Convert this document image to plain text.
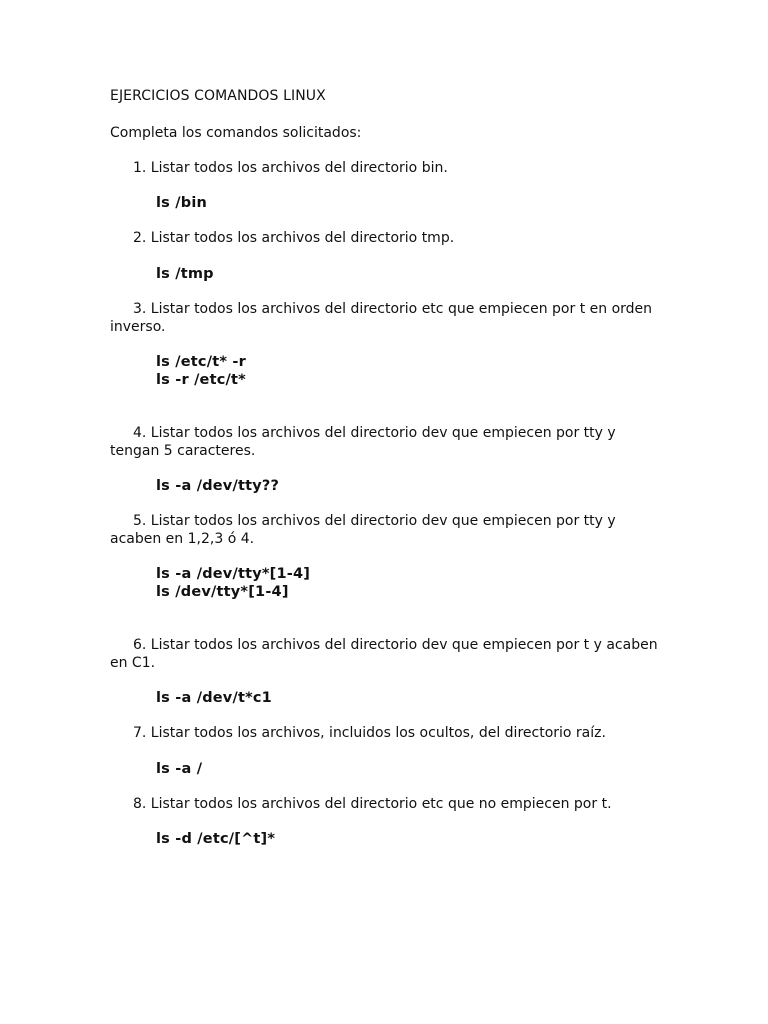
EJERCICIOS COMANDOS LINUX
Completa los comandos solicitados:
1. Listar todos los archivos del directorio bin.
ls /bin
2. Listar todos los archivos del directorio tmp.
ls /tmp
3. Listar todos los archivos del directorio etc que empiecen por t en orden
inverso.
ls /etc/t* -r
ls -r /etc/t*
4. Listar todos los archivos del directorio dev que empiecen por tty y
tengan 5 caracteres.
ls -a /dev/tty??
5. Listar todos los archivos del directorio dev que empiecen por tty y
acaben en 1,2,3 ó 4.
ls -a /dev/tty*[1-4]
ls /dev/tty*[1-4]
6. Listar todos los archivos del directorio dev que empiecen por t y acaben
en C1.
ls -a /dev/t*c1
7. Listar todos los archivos, incluidos los ocultos, del directorio raíz.
ls -a /
8. Listar todos los archivos del directorio etc que no empiecen por t.
ls -d /etc/[^t]*
